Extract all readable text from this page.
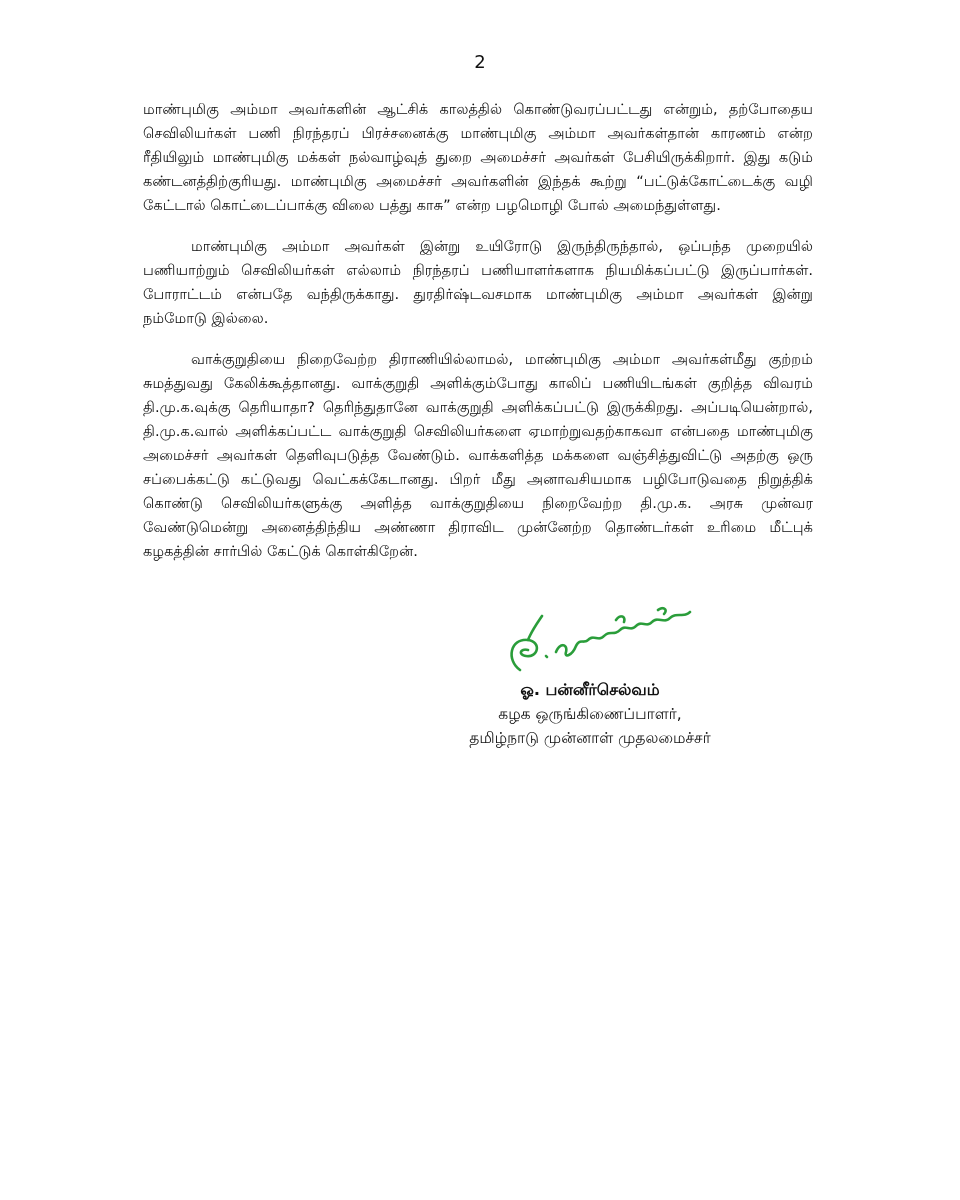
2

மாண்புமிகு அம்மா அவர்களின் ஆட்சிக் காலத்தில் கொண்டுவரப்பட்டது என்றும், தற்போதைய செவிலியர்கள் பணி நிரந்தரப் பிரச்சனைக்கு மாண்புமிகு அம்மா அவர்கள்தான் காரணம் என்ற ரீதியிலும் மாண்புமிகு மக்கள் நல்வாழ்வுத் துறை அமைச்சர் அவர்கள் பேசியிருக்கிறார். இது கடும் கண்டனத்திற்குரியது. மாண்புமிகு அமைச்சர் அவர்களின் இந்தக் கூற்று “பட்டுக்கோட்டைக்கு வழி கேட்டால் கொட்டைப்பாக்கு விலை பத்து காசு” என்ற பழமொழி போல் அமைந்துள்ளது.

மாண்புமிகு அம்மா அவர்கள் இன்று உயிரோடு இருந்திருந்தால், ஒப்பந்த முறையில் பணியாற்றும் செவிலியர்கள் எல்லாம் நிரந்தரப் பணியாளர்களாக நியமிக்கப்பட்டு இருப்பார்கள். போராட்டம் என்பதே வந்திருக்காது. துரதிர்ஷ்டவசமாக மாண்புமிகு அம்மா அவர்கள் இன்று நம்மோடு இல்லை.

வாக்குறுதியை நிறைவேற்ற திராணியில்லாமல், மாண்புமிகு அம்மா அவர்கள்மீது குற்றம் சுமத்துவது கேலிக்கூத்தானது. வாக்குறுதி அளிக்கும்போது காலிப் பணியிடங்கள் குறித்த விவரம் தி.மு.க.வுக்கு தெரியாதா? தெரிந்துதானே வாக்குறுதி அளிக்கப்பட்டு இருக்கிறது. அப்படியென்றால், தி.மு.க.வால் அளிக்கப்பட்ட வாக்குறுதி செவிலியர்களை ஏமாற்றுவதற்காகவா என்பதை மாண்புமிகு அமைச்சர் அவர்கள் தெளிவுபடுத்த வேண்டும். வாக்களித்த மக்களை வஞ்சித்துவிட்டு அதற்கு ஒரு சப்பைக்கட்டு கட்டுவது வெட்கக்கேடானது. பிறர் மீது அனாவசியமாக பழிபோடுவதை நிறுத்திக் கொண்டு செவிலியர்களுக்கு அளித்த வாக்குறுதியை நிறைவேற்ற தி.மு.க. அரசு முன்வர வேண்டுமென்று அனைத்திந்திய அண்ணா திராவிட முன்னேற்ற தொண்டர்கள் உரிமை மீட்புக் கழகத்தின் சார்பில் கேட்டுக் கொள்கிறேன்.

ஓ. பன்னீர்செல்வம்
கழக ஒருங்கிணைப்பாளர்,
தமிழ்நாடு முன்னாள் முதலமைச்சர்
